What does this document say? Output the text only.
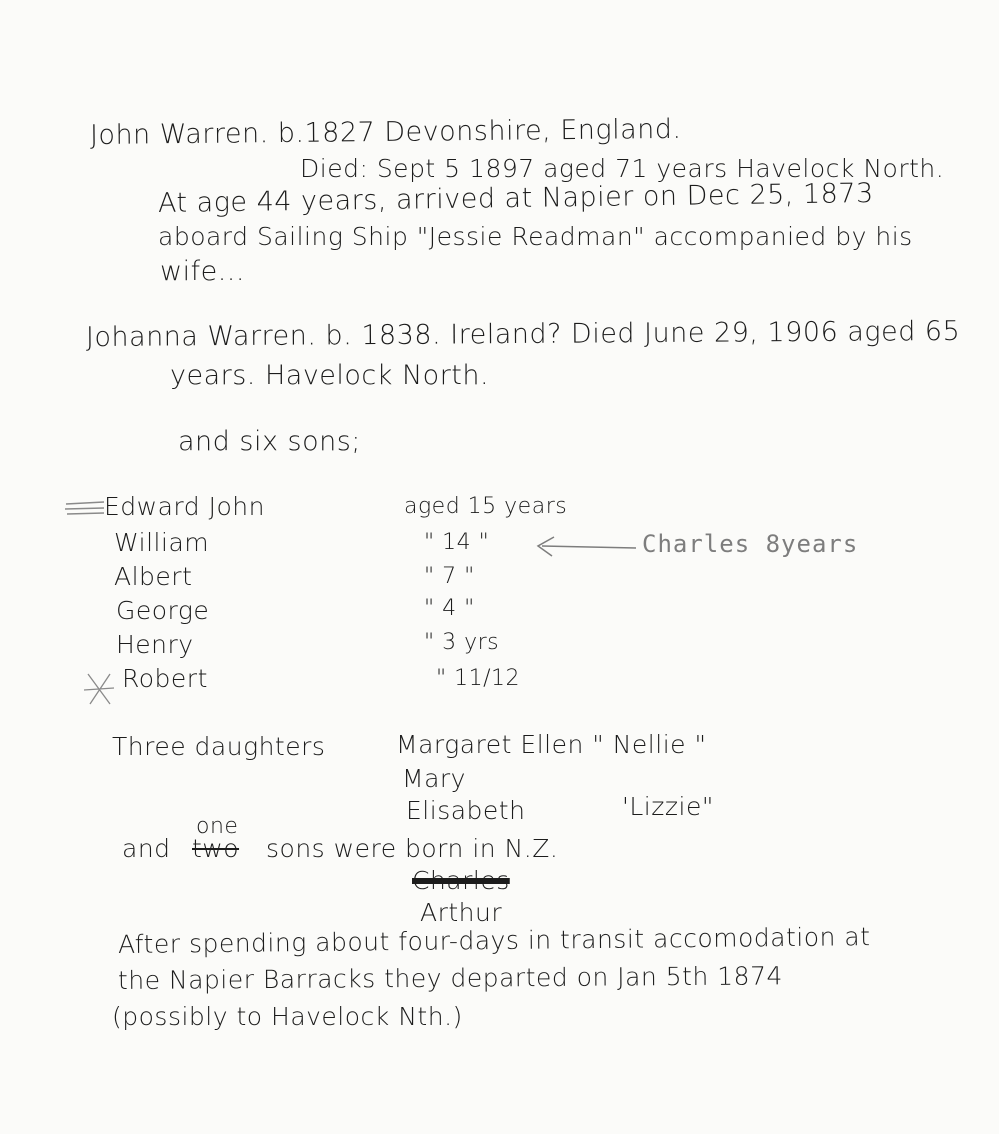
John Warren. b.1827 Devonshire, England.
Died: Sept 5 1897 aged 71 years Havelock North.
At age 44 years, arrived at Napier on Dec 25, 1873
aboard Sailing Ship "Jessie Readman" accompanied by his
wife...
Johanna Warren. b. 1838. Ireland? Died June 29, 1906 aged 65
years. Havelock North.
and six sons;
Edward John	aged 15 years
William	" 14 "
Albert	" 7 "
George	" 4 "
Henry	" 3 yrs
Robert	" 11/12
Charles 8years
Three daughters	Margaret Ellen " Nellie "
Mary
Elisabeth	'Lizzie"
one
and two sons were born in N.Z.
Charles
Arthur
After spending about four-days in transit accomodation at
the Napier Barracks they departed on Jan 5th 1874
(possibly to Havelock Nth.)
